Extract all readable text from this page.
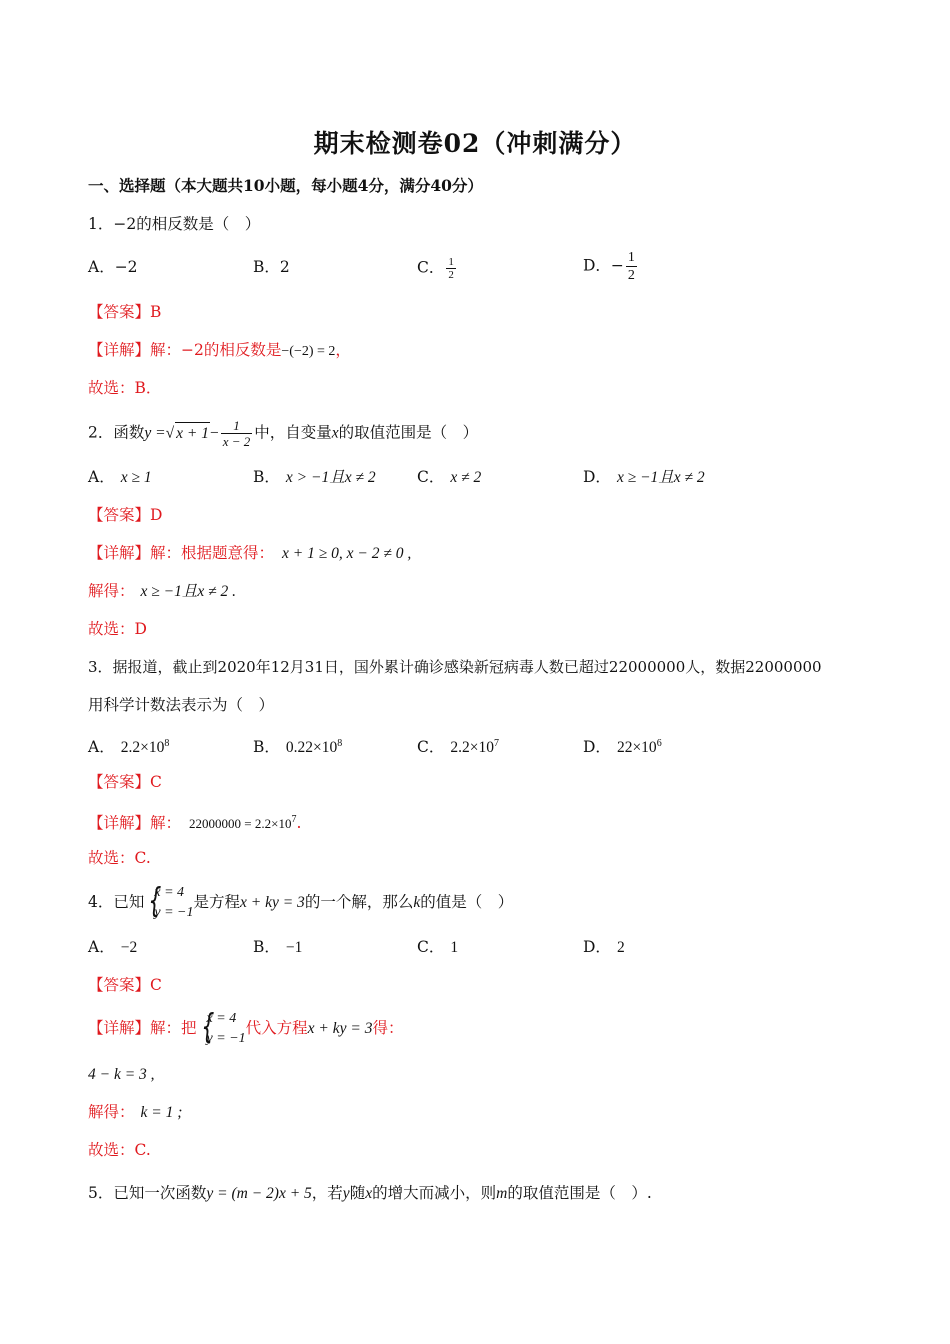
期末检测卷02（冲刺满分）
一、选择题（本大题共10小题，每小题4分，满分40分）
1．−2的相反数是（　）
A．−2	B．2	C． $\frac{1}{2}$	D．− $\frac{1}{2}$
【答案】B
【详解】解：−2的相反数是−(−2) = 2，
故选：B．
2．函数y =√ $x + 1- \frac{1}{x - 2}$ 中，自变量x的取值范围是（　）
A． x ≥ 1	B． x > −1且x ≠ 2	C． x ≠ 2	D． x ≥ −1且x ≠ 2
【答案】D
【详解】解：根据题意得： x + 1 ≥ 0, x − 2 ≠ 0 ,
解得： x ≥ −1且x ≠ 2 .
故选：D
3．据报道，截止到2020年12月31日，国外累计确诊感染新冠病毒人数已超过22000000人，数据22000000
用科学计数法表示为（　）
A． $2.2\times 10^8$	B． $0.22\times 10^8$	C． $2.2\times 10^7$	D． $22\times 10^6$
【答案】C
【详解】解： $22000000 = 2.2\times 10^7$.
故选：C.
4．已知 {
x = 4
y = −1
是方程x + ky = 3的一个解，那么k的值是（　）
A． −2	B． −1	C． 1	D． 2
【答案】C
【详解】解：把 {
x = 4
y = −1
代入方程x + ky = 3得：
4 − k = 3 ,
解得： k = 1 ;
故选：C.
5．已知一次函数y = (m − 2)x + 5，若y随x的增大而减小，则m的取值范围是（　）.
